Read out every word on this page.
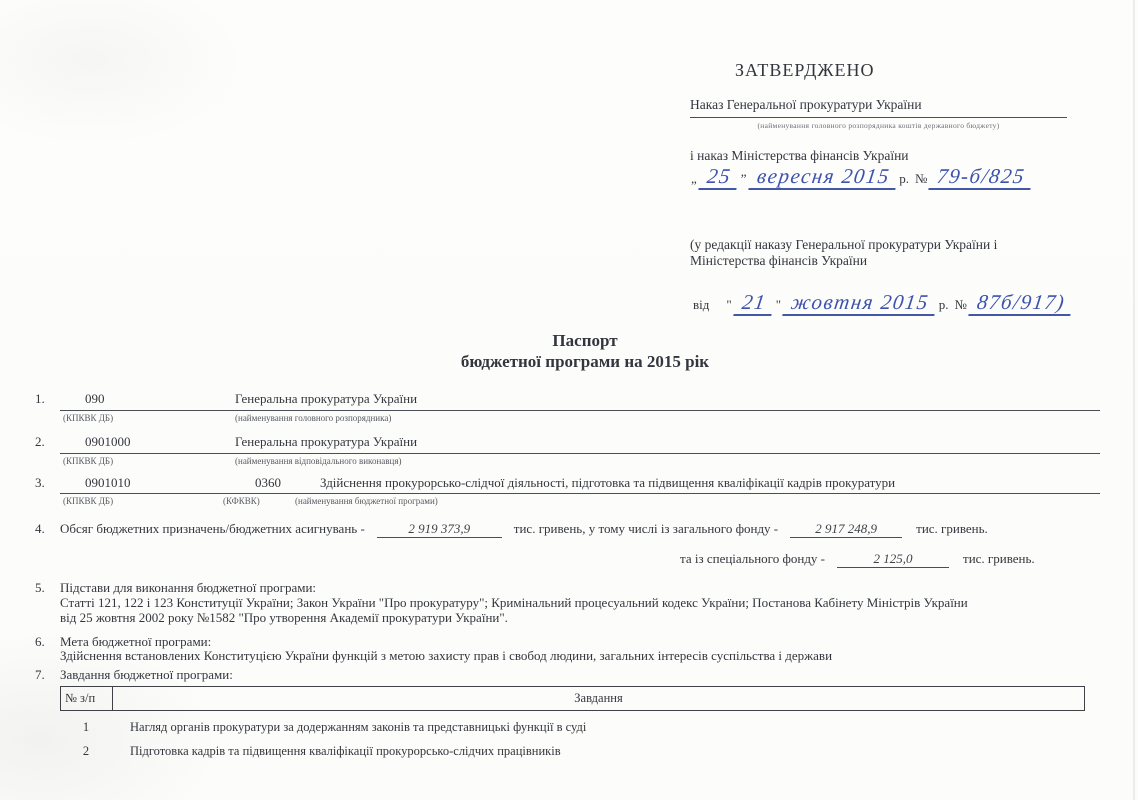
ЗАТВЕРДЖЕНО
Наказ Генеральної прокуратури України
(найменування головного розпорядника коштів державного бюджету)
і наказ Міністерства фінансів України
„ 25 ” вересня 2015 р. № 79-б/825
(у редакції наказу Генеральної прокуратури України і
Міністерства фінансів України
від " 21 " жовтня 2015 р. № 87б/917)
Паспорт
бюджетної програми на 2015 рік
1.	090	Генеральна прокуратура України
(КПКВК ДБ)	(найменування головного розпорядника)
2.	0901000	Генеральна прокуратура України
(КПКВК ДБ)	(найменування відповідального виконавця)
3.	0901010	0360	Здійснення прокурорсько-слідчої діяльності, підготовка та підвищення кваліфікації кадрів прокуратури
(КПКВК ДБ)	(КФКВК)	(найменування бюджетної програми)
4.	Обсяг бюджетних призначень/бюджетних асигнувань -	2 919 373,9	тис. гривень, у тому числі із загального фонду -	2 917 248,9	тис. гривень.
та із спеціального фонду -	2 125,0	тис. гривень.
5.	Підстави для виконання бюджетної програми:
Статті 121, 122 і 123 Конституції України; Закон України "Про прокуратуру"; Кримінальний процесуальний кодекс України; Постанова Кабінету Міністрів України
від 25 жовтня 2002 року №1582 "Про утворення Академії прокуратури України".
6.	Мета бюджетної програми:
Здійснення встановлених Конституцією України функцій з метою захисту прав і свобод людини, загальних інтересів суспільства і держави
7.	Завдання бюджетної програми:
№ з/п	Завдання
1	Нагляд органів прокуратури за додержанням законів та представницькі функції в суді
2	Підготовка кадрів та підвищення кваліфікації прокурорсько-слідчих працівників
